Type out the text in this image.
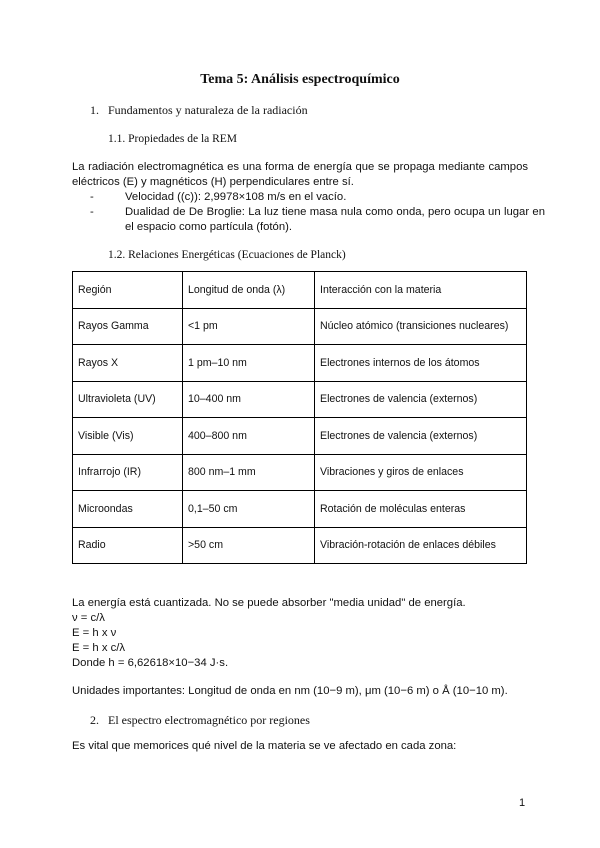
Tema 5: Análisis espectroquímico
1. Fundamentos y naturaleza de la radiación
1.1. Propiedades de la REM
La radiación electromagnética es una forma de energía que se propaga mediante campos
eléctricos (E) y magnéticos (H) perpendiculares entre sí.
-	Velocidad ((c)): 2,9978×108 m/s en el vacío.
-	Dualidad de De Broglie: La luz tiene masa nula como onda, pero ocupa un lugar en
el espacio como partícula (fotón).
1.2. Relaciones Energéticas (Ecuaciones de Planck)
Región	Longitud de onda (λ)	Interacción con la materia
Rayos Gamma	<1 pm	Núcleo atómico (transiciones nucleares)
Rayos X	1 pm–10 nm	Electrones internos de los átomos
Ultravioleta (UV)	10–400 nm	Electrones de valencia (externos)
Visible (Vis)	400–800 nm	Electrones de valencia (externos)
Infrarrojo (IR)	800 nm–1 mm	Vibraciones y giros de enlaces
Microondas	0,1–50 cm	Rotación de moléculas enteras
Radio	>50 cm	Vibración-rotación de enlaces débiles
La energía está cuantizada. No se puede absorber "media unidad" de energía.
ν = c/λ
E = h x ν
E = h x c/λ
Donde h = 6,62618×10−34 J·s.
Unidades importantes: Longitud de onda en nm (10−9 m), μm (10−6 m) o Å (10−10 m).
2. El espectro electromagnético por regiones
Es vital que memorices qué nivel de la materia se ve afectado en cada zona:
1
